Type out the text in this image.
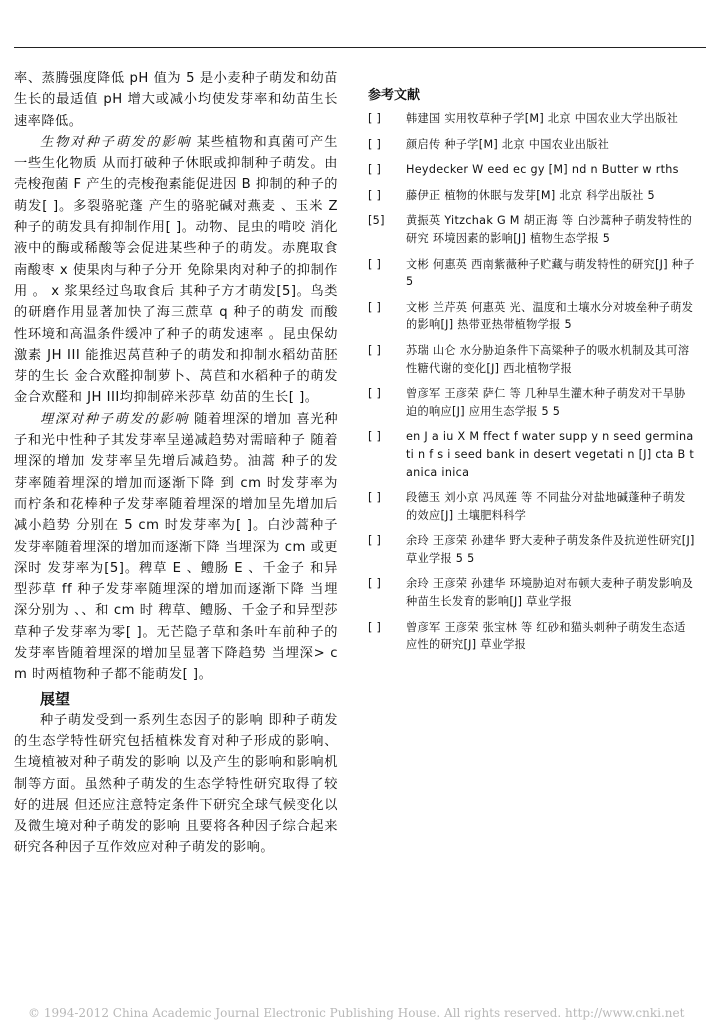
率、蒸腾强度降低 pH 值为 5 是小麦种子萌发和幼苗生长的最适值 pH 增大或减小均使发芽率和幼苗生长速率降低。

生物对种子萌发的影响 某些植物和真菌可产生一些生化物质 从而打破种子休眠或抑制种子萌发。由壳梭孢菌 F 产生的壳梭孢素能促进因 B 抑制的种子的萌发[ ]。多裂骆驼蓬 产生的骆驼碱对燕麦 、玉米 Z 种子的萌发具有抑制作用[ ]。动物、昆虫的啃咬 消化液中的酶或稀酸等会促进某些种子的萌发。赤麂取食南酸枣 x 使果肉与种子分开 免除果肉对种子的抑制作用 。 x 浆果经过鸟取食后 其种子方才萌发[5]。鸟类的研磨作用显著加快了海三蔗草 q 种子的萌发 而酸性环境和高温条件缓冲了种子的萌发速率 。昆虫保幼激素 JH III 能推迟莴苣种子的萌发和抑制水稻幼苗胚芽的生长 金合欢醛抑制萝卜、莴苣和水稻种子的萌发 金合欢醛和 JH III均抑制碎米莎草 幼苗的生长[ ]。

埋深对种子萌发的影响 随着埋深的增加 喜光种子和光中性种子其发芽率呈递减趋势对需暗种子 随着埋深的增加 发芽率呈先增后减趋势。油蒿 种子的发芽率随着埋深的增加而逐渐下降 到 cm 时发芽率为 而柠条和花棒种子发芽率随着埋深的增加呈先增加后减小趋势 分别在 5 cm 时发芽率为[ ]。白沙蒿种子发芽率随着埋深的增加而逐渐下降 当埋深为 cm 或更深时 发芽率为[5]。稗草 E 、鳢肠 E 、千金子 和异型莎草 ff 种子发芽率随埋深的增加而逐渐下降 当埋深分别为 、、和 cm 时 稗草、鳢肠、千金子和异型莎草种子发芽率为零[ ]。无芒隐子草和条叶车前种子的发芽率皆随着埋深的增加呈显著下降趋势 当埋深> cm 时两植物种子都不能萌发[ ]。

展望

种子萌发受到一系列生态因子的影响 即种子萌发的生态学特性研究包括植株发育对种子形成的影响、生境植被对种子萌发的影响 以及产生的影响和影响机制等方面。虽然种子萌发的生态学特性研究取得了较好的进展 但还应注意特定条件下研究全球气候变化以及微生境对种子萌发的影响 且要将各种因子综合起来 研究各种因子互作效应对种子萌发的影响。

参考文献
[ ]	韩建国 实用牧草种子学[M] 北京 中国农业大学出版社
[ ]	颜启传 种子学[M] 北京 中国农业出版社
[ ]	Heydecker W eed ec gy [M] nd n Butter w rths
[ ]	藤伊正 植物的休眠与发芽[M] 北京 科学出版社 5
[5]	黄振英 Yitzchak G M 胡正海 等 白沙蒿种子萌发特性的研究 环境因素的影响[J] 植物生态学报 5
[ ]	文彬 何惠英 西南紫薇种子贮藏与萌发特性的研究[J] 种子 5
[ ]	文彬 兰芹英 何惠英 光、温度和土壤水分对坡垒种子萌发的影响[J] 热带亚热带植物学报 5
[ ]	苏瑞 山仑 水分胁迫条件下高粱种子的吸水机制及其可溶性糖代谢的变化[J] 西北植物学报
[ ]	曾彦军 王彦荣 萨仁 等 几种旱生灌木种子萌发对干旱胁迫的响应[J] 应用生态学报 5 5
[ ]	en J a iu X M ffect f water supp y n seed germinati n f s i seed bank in desert vegetati n [J] cta B tanica inica
[ ]	段德玉 刘小京 冯凤莲 等 不同盐分对盐地碱蓬种子萌发的效应[J] 土壤肥料科学
[ ]	余玲 王彦荣 孙建华 野大麦种子萌发条件及抗逆性研究[J] 草业学报 5 5
[ ]	余玲 王彦荣 孙建华 环境胁迫对布顿大麦种子萌发影响及种苗生长发育的影响[J] 草业学报
[ ]	曾彦军 王彦荣 张宝林 等 红砂和猫头刺种子萌发生态适应性的研究[J] 草业学报
© 1994-2012 China Academic Journal Electronic Publishing House. All rights reserved. http://www.cnki.net
